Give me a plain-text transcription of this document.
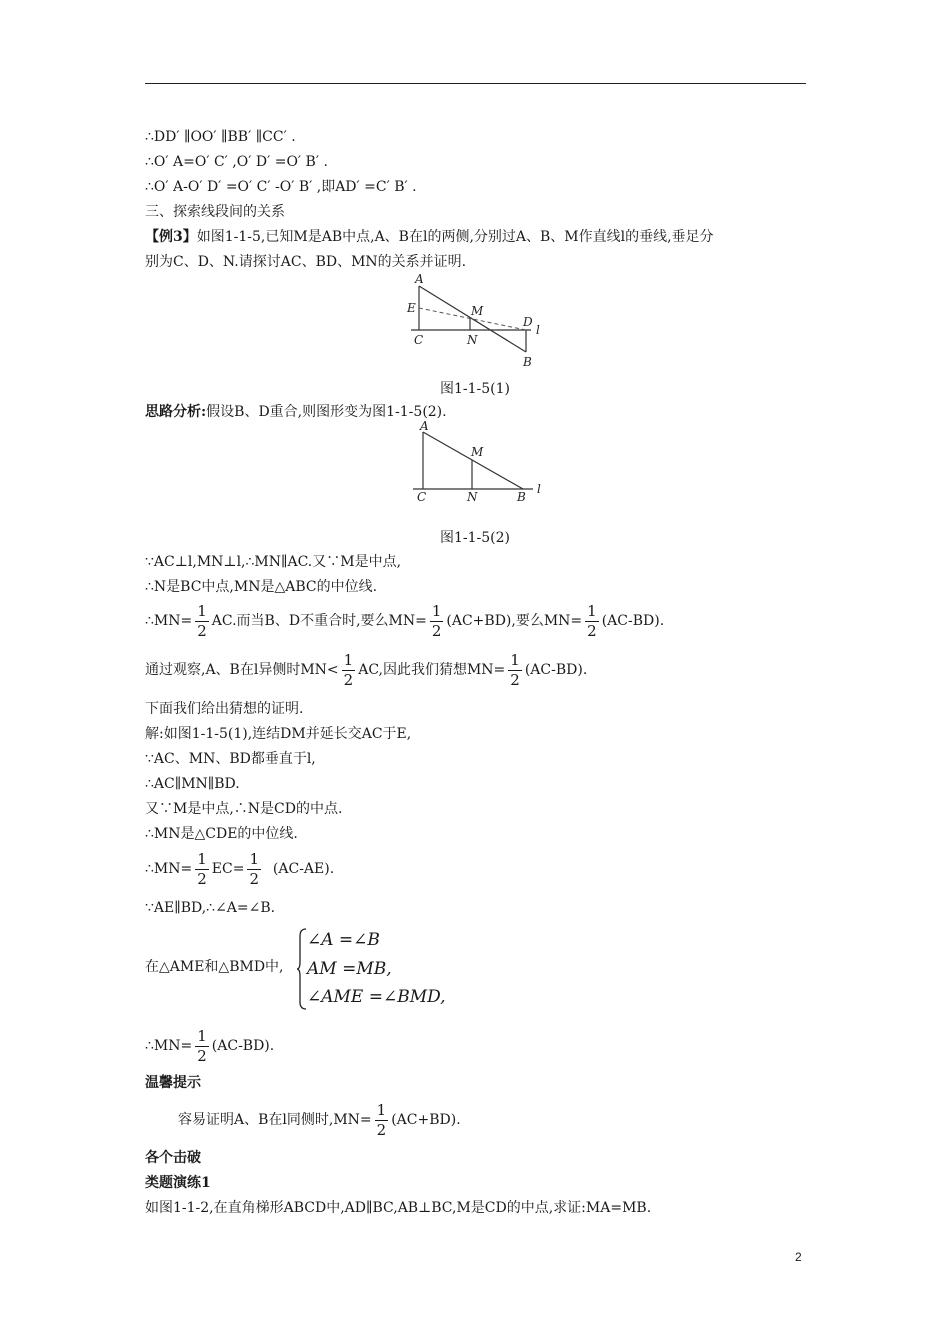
∴DD′ ∥OO′ ∥BB′ ∥CC′ .
∴O′ A=O′ C′ ,O′ D′ =O′ B′ .
∴O′ A-O′ D′ =O′ C′ -O′ B′ ,即AD′ =C′ B′ .
三、探索线段间的关系
【例3】如图1-1-5,已知M是AB中点,A、B在l的两侧,分别过A、B、M作直线l的垂线,垂足分
别为C、D、N.请探讨AC、BD、MN的关系并证明.
A
E	M
D
l
C	N
B
图1-1-5(1)
思路分析:假设B、D重合,则图形变为图1-1-5(2).
A
M
C	N	B
l
图1-1-5(2)
∵AC⊥l,MN⊥l,∴MN∥AC.又∵M是中点,
∴N是BC中点,MN是△ABC的中位线.
∴MN= $\frac{1}{2}$ AC.而当B、D不重合时,要么$MN= \frac{1}{2} (AC+BD)$,要么$MN= \frac{1}{2} (AC-BD)$.
通过观察,A、B在l异侧时$MN< \frac{1}{2}$ AC,因此我们猜想$MN= \frac{1}{2} (AC-BD)$.
下面我们给出猜想的证明.
解:如图1-1-5(1),连结DM并延长交AC于E,
∵AC、MN、BD都垂直于l,
∴AC∥MN∥BD.
又∵M是中点,∴N是CD的中点.
∴MN是△CDE的中位线.
∴MN= $\frac{1}{2} EC= \frac{1}{2} (AC-AE)$.
∵AE∥BD,∴∠A=∠B.
在△AME和△BMD中,
∠A =∠B
AM =MB,
∠AME =∠BMD,
∴MN= $\frac{1}{2} (AC-BD)$.
温馨提示
容易证明A、B在l同侧时$,MN= \frac{1}{2} (AC+BD)$.
各个击破
类题演练1
如图1-1-2,在直角梯形ABCD中,AD∥BC,AB⊥BC,M是CD的中点,求证:MA=MB.
2
